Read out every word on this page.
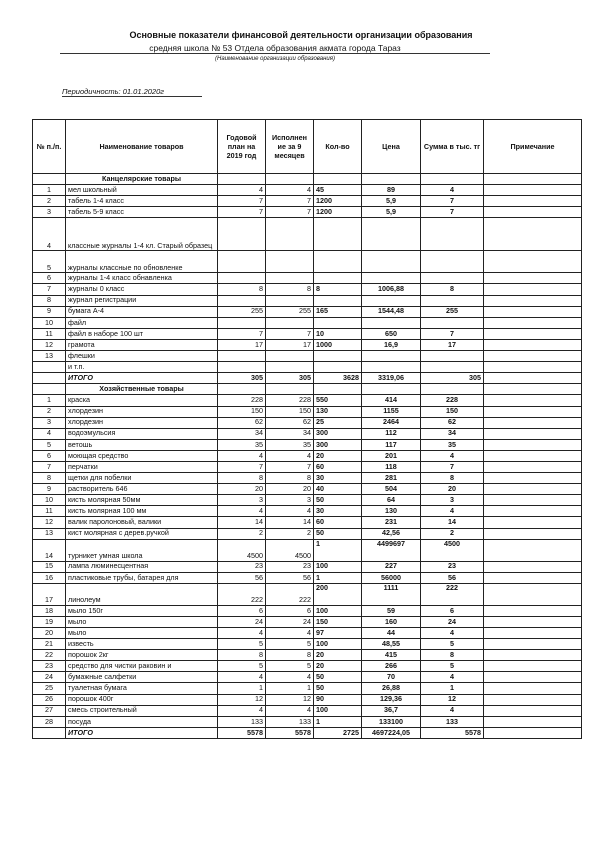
Основные показатели финансовой деятельности организации образования
средняя школа № 53 Отдела образования акмата города Тараз
(Наименование организации образования)
Периодичность: 01.01.2020г
№ п./п.	Наименование товаров	Годовой план на 2019 год	Исполнен ие за 9 месяцев	Кол-во	Цена	Сумма в тыс. тг	Примечание
	Канцелярские товары						
1	мел школьный	4	4	45	89	4	
2	табель 1-4 класс	7	7	1200	5,9	7	
3	табель 5-9 класс	7	7	1200	5,9	7	
4	классные журналы 1-4 кл. Старый образец						
5	журналы классные по обновленке						
6	журналы 1-4 класс обнавленка						
7	журналы 0 класс	8	8	8	1006,88	8	
8	журнал регистрации						
9	бумага А-4	255	255	165	1544,48	255	
10	файл						
11	файл в наборе 100 шт	7	7	10	650	7	
12	грамота	17	17	1000	16,9	17	
13	флешки						
	и т.п.						
	ИТОГО	305	305	3628	3319,06	305	
	Хозяйственные товары						
1	краска	228	228	550	414	228	
2	хлордезин	150	150	130	1155	150	
3	хлордезин	62	62	25	2464	62	
4	водоэмульсия	34	34	300	112	34	
5	ветошь	35	35	300	117	35	
6	моющая средство	4	4	20	201	4	
7	перчатки	7	7	60	118	7	
8	щетки для побелки	8	8	30	281	8	
9	растворитель 646	20	20	40	504	20	
10	кисть молярная 50мм	3	3	50	64	3	
11	кисть молярная 100 мм	4	4	30	130	4	
12	валик паролоновый, валики	14	14	60	231	14	
13	кист молярная с дерев.ручкой	2	2	50	42,56	2	
14	турникет умная школа	4500	4500	1	4499697	4500	
15	лампа люминесцентная	23	23	100	227	23	
16	пластиковые трубы, батарея для	56	56	1	56000	56	
17	линолеум	222	222	200	1111	222	
18	мыло 150г	6	6	100	59	6	
19	мыло	24	24	150	160	24	
20	мыло	4	4	97	44	4	
21	известь	5	5	100	48,55	5	
22	порошок 2кг	8	8	20	415	8	
23	средство для чистки раковин и	5	5	20	266	5	
24	бумажные салфетки	4	4	50	70	4	
25	туалетная бумага	1	1	50	26,88	1	
26	порошок 400г	12	12	90	129,36	12	
27	смесь строительный	4	4	100	36,7	4	
28	посуда	133	133	1	133100	133	
	ИТОГО	5578	5578	2725	4697224,05	5578	
